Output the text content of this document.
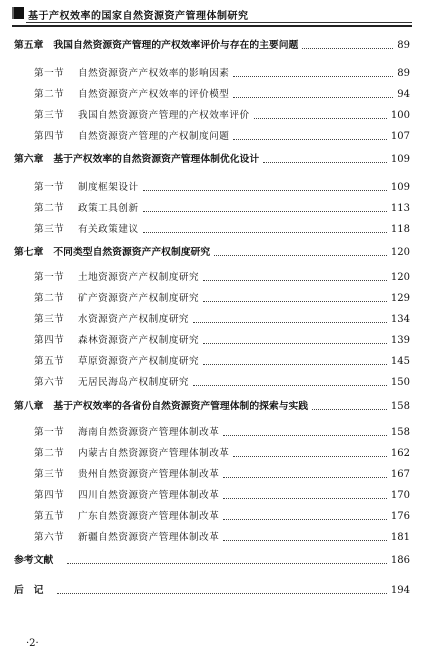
基于产权效率的国家自然资源资产管理体制研究
第五章 我国自然资源资产管理的产权效率评价与存在的主要问题	89
第一节 自然资源资产产权效率的影响因素	89
第二节 自然资源资产产权效率的评价模型	94
第三节 我国自然资源资产管理的产权效率评价	100
第四节 自然资源资产管理的产权制度问题	107
第六章 基于产权效率的自然资源资产管理体制优化设计	109
第一节 制度框架设计	109
第二节 政策工具创新	113
第三节 有关政策建议	118
第七章 不同类型自然资源资产产权制度研究	120
第一节 土地资源资产产权制度研究	120
第二节 矿产资源资产产权制度研究	129
第三节 水资源资产产权制度研究	134
第四节 森林资源资产产权制度研究	139
第五节 草原资源资产产权制度研究	145
第六节 无居民海岛产权制度研究	150
第八章 基于产权效率的各省份自然资源资产管理体制的探索与实践	158
第一节 海南自然资源资产管理体制改革	158
第二节 内蒙古自然资源资产管理体制改革	162
第三节 贵州自然资源资产管理体制改革	167
第四节 四川自然资源资产管理体制改革	170
第五节 广东自然资源资产管理体制改革	176
第六节 新疆自然资源资产管理体制改革	181
参考文献	186
后　记	194
·2·
